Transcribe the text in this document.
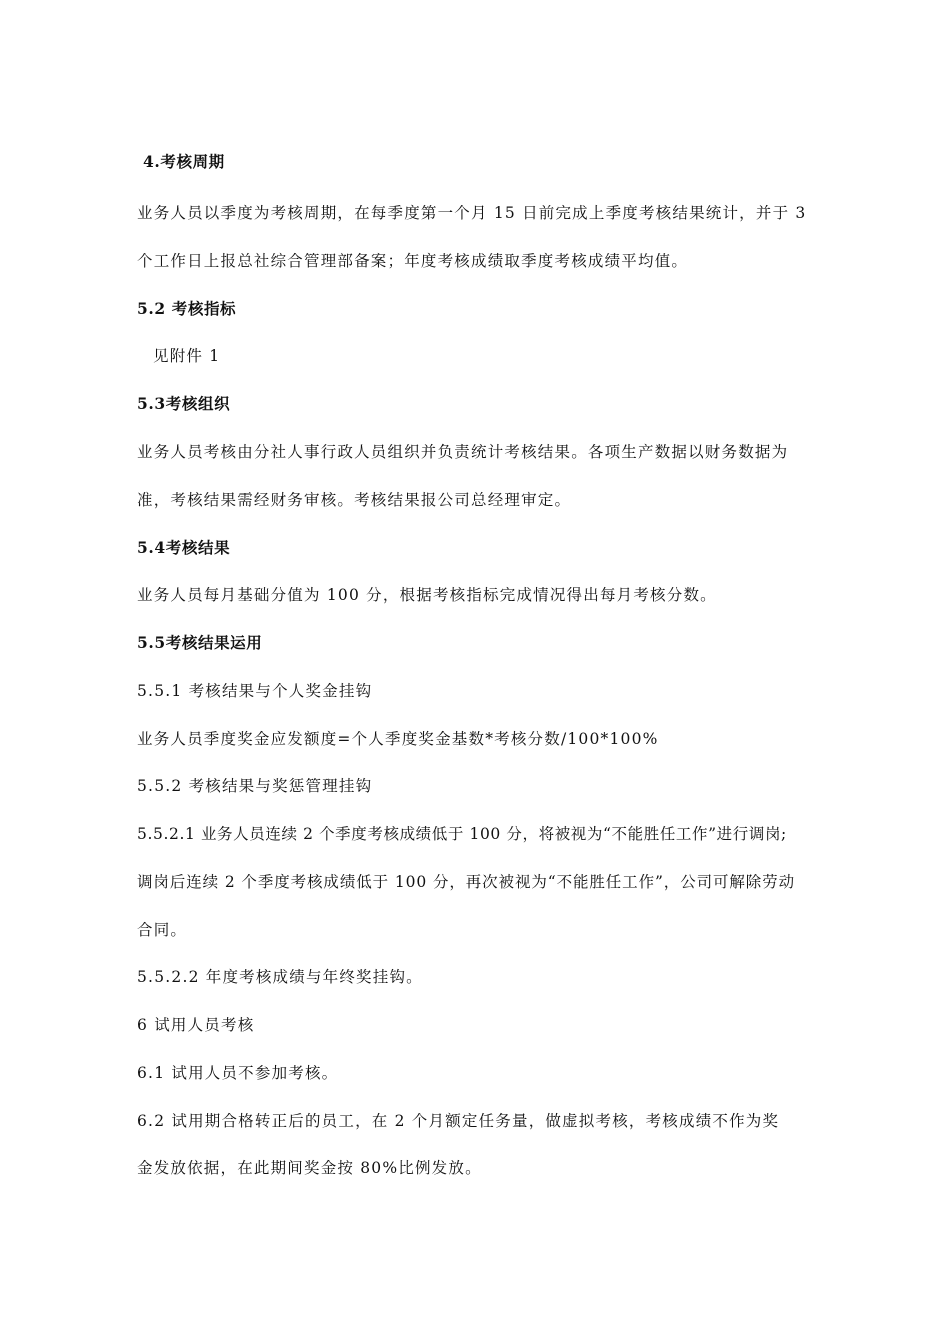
4.考核周期
业务人员以季度为考核周期，在每季度第一个月 15 日前完成上季度考核结果统计，并于 3
个工作日上报总社综合管理部备案；年度考核成绩取季度考核成绩平均值。
5.2 考核指标
见附件 1
5.3考核组织
业务人员考核由分社人事行政人员组织并负责统计考核结果。各项生产数据以财务数据为
准，考核结果需经财务审核。考核结果报公司总经理审定。
5.4考核结果
业务人员每月基础分值为 100 分，根据考核指标完成情况得出每月考核分数。
5.5考核结果运用
5.5.1 考核结果与个人奖金挂钩
业务人员季度奖金应发额度=个人季度奖金基数*考核分数/100*100%
5.5.2 考核结果与奖惩管理挂钩
5.5.2.1 业务人员连续 2 个季度考核成绩低于 100 分，将被视为“不能胜任工作”进行调岗;
调岗后连续 2 个季度考核成绩低于 100 分，再次被视为“不能胜任工作”，公司可解除劳动
合同。
5.5.2.2 年度考核成绩与年终奖挂钩。
6 试用人员考核
6.1 试用人员不参加考核。
6.2 试用期合格转正后的员工，在 2 个月额定任务量，做虚拟考核，考核成绩不作为奖
金发放依据，在此期间奖金按 80%比例发放。
